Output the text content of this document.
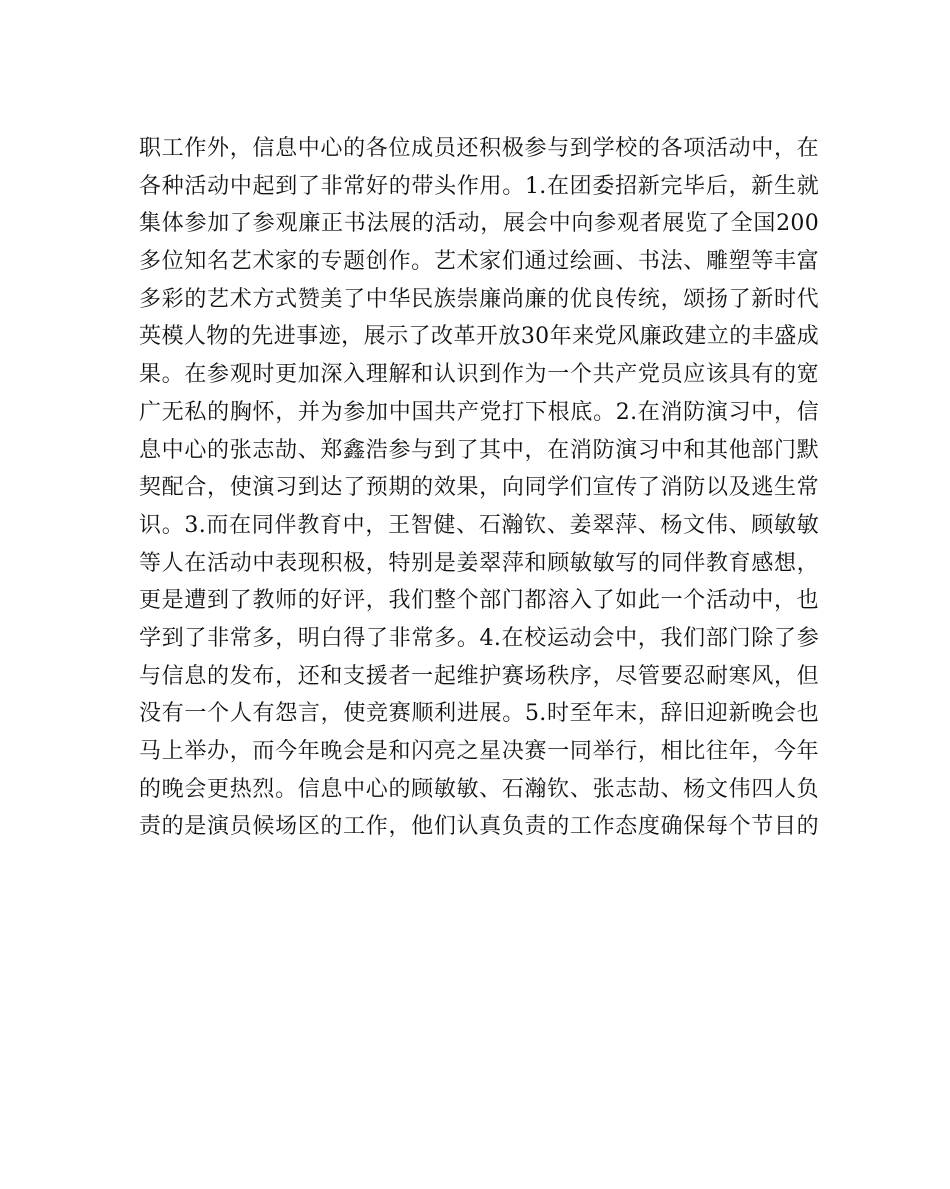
职工作外，信息中心的各位成员还积极参与到学校的各项活动中，在
各种活动中起到了非常好的带头作用。1.在团委招新完毕后，新生就
集体参加了参观廉正书法展的活动，展会中向参观者展览了全国200
多位知名艺术家的专题创作。艺术家们通过绘画、书法、雕塑等丰富
多彩的艺术方式赞美了中华民族崇廉尚廉的优良传统，颂扬了新时代
英模人物的先进事迹，展示了改革开放30年来党风廉政建立的丰盛成
果。在参观时更加深入理解和认识到作为一个共产党员应该具有的宽
广无私的胸怀，并为参加中国共产党打下根底。2.在消防演习中，信
息中心的张志劼、郑鑫浩参与到了其中，在消防演习中和其他部门默
契配合，使演习到达了预期的效果，向同学们宣传了消防以及逃生常
识。3.而在同伴教育中，王智健、石瀚钦、姜翠萍、杨文伟、顾敏敏
等人在活动中表现积极，特别是姜翠萍和顾敏敏写的同伴教育感想，
更是遭到了教师的好评，我们整个部门都溶入了如此一个活动中，也
学到了非常多，明白得了非常多。4.在校运动会中，我们部门除了参
与信息的发布，还和支援者一起维护赛场秩序，尽管要忍耐寒风，但
没有一个人有怨言，使竞赛顺利进展。5.时至年末，辞旧迎新晚会也
马上举办，而今年晚会是和闪亮之星决赛一同举行，相比往年，今年
的晚会更热烈。信息中心的顾敏敏、石瀚钦、张志劼、杨文伟四人负
责的是演员候场区的工作，他们认真负责的工作态度确保每个节目的
